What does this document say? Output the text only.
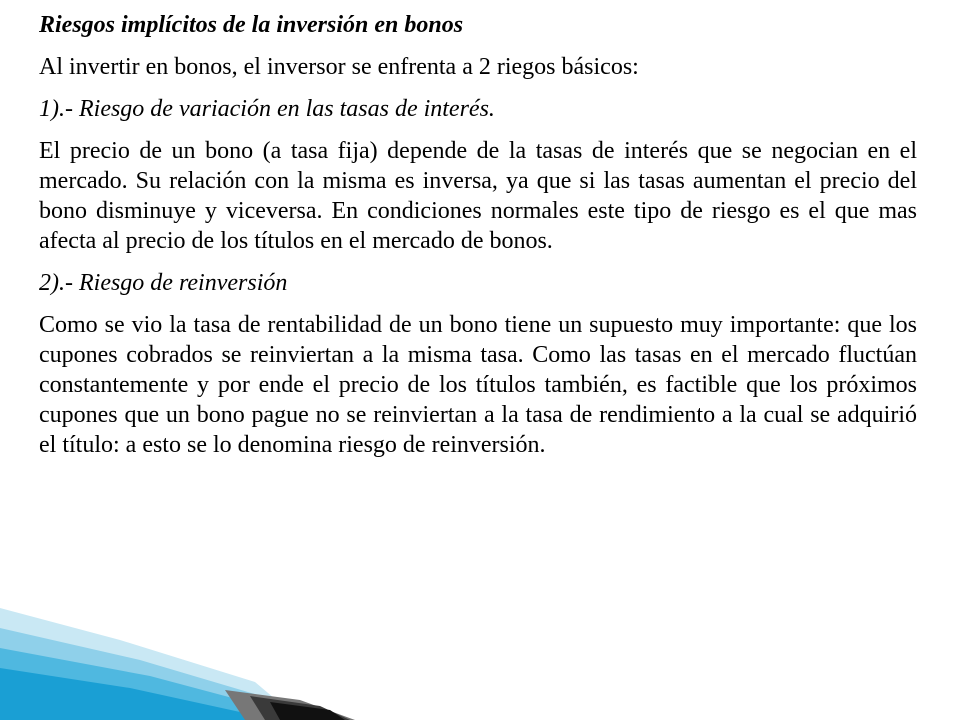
Riesgos implícitos de la inversión en bonos

Al invertir en bonos, el inversor se enfrenta a 2 riegos básicos:

1).- Riesgo de variación en las tasas de interés.

El precio de un bono (a tasa fija) depende de la tasas de interés que se negocian en el mercado. Su relación con la misma es inversa, ya que si las tasas aumentan el precio del bono disminuye y viceversa. En condiciones normales este tipo de riesgo es el que mas afecta al precio de los títulos en el mercado de bonos.

2).- Riesgo de reinversión

Como se vio la tasa de rentabilidad de un bono tiene un supuesto muy importante: que los cupones cobrados se reinviertan a la misma tasa. Como las tasas en el mercado fluctúan constantemente y por ende el precio de los títulos también, es factible que los próximos cupones que un bono pague no se reinviertan a la tasa de rendimiento a la cual se adquirió el título: a esto se lo denomina riesgo de reinversión.
